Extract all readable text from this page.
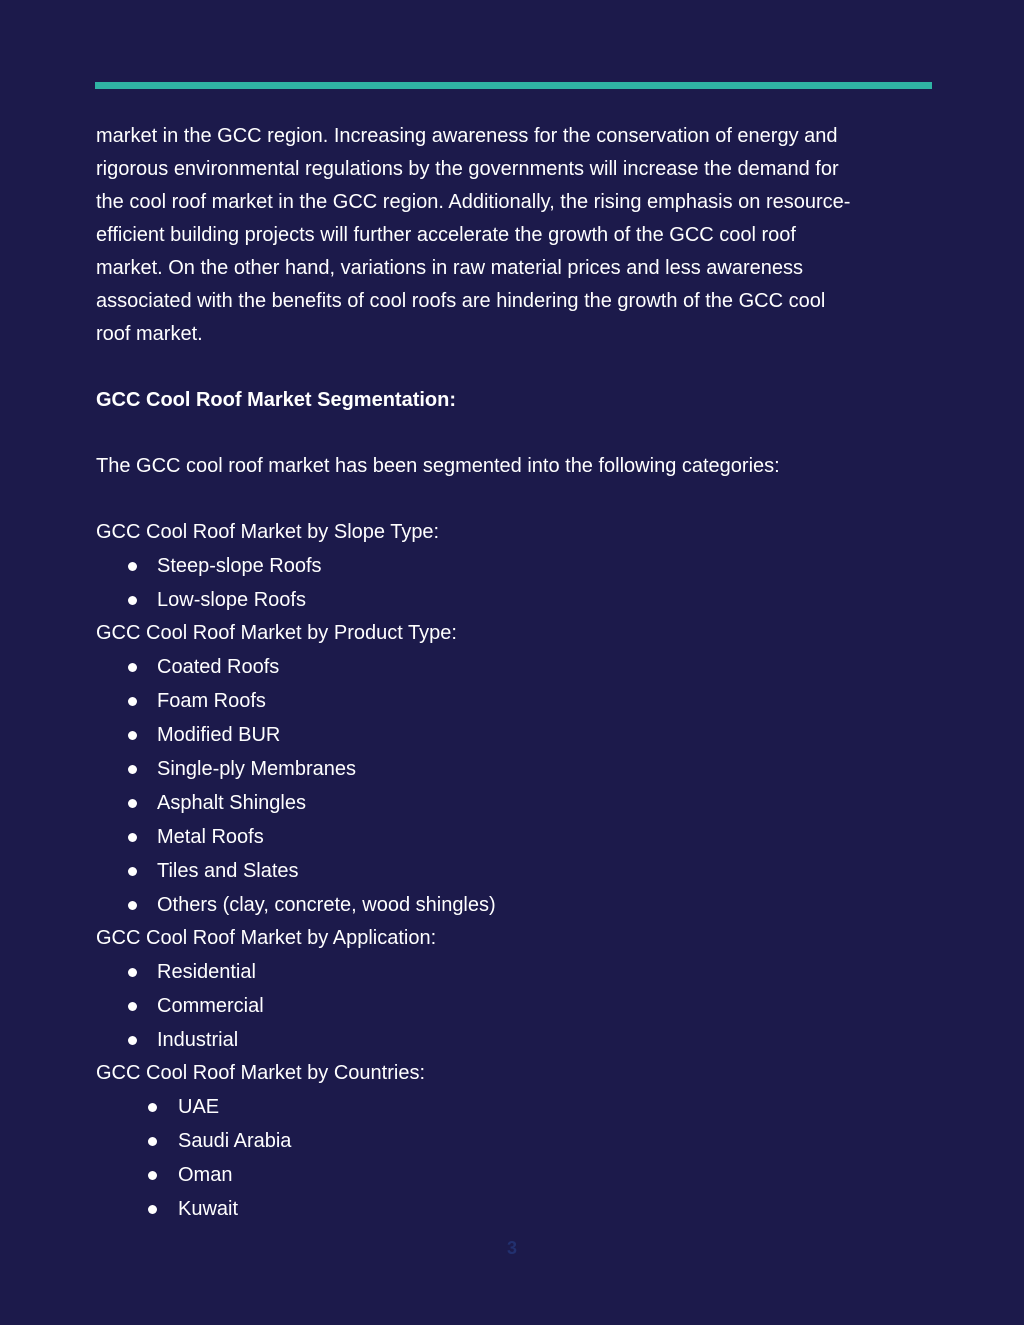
market in the GCC region. Increasing awareness for the conservation of energy and
rigorous environmental regulations by the governments will increase the demand for
the cool roof market in the GCC region. Additionally, the rising emphasis on resource-
efficient building projects will further accelerate the growth of the GCC cool roof
market. On the other hand, variations in raw material prices and less awareness
associated with the benefits of cool roofs are hindering the growth of the GCC cool
roof market.

GCC Cool Roof Market Segmentation:

The GCC cool roof market has been segmented into the following categories:

GCC Cool Roof Market by Slope Type:

Steep-slope Roofs
Low-slope Roofs

GCC Cool Roof Market by Product Type:

Coated Roofs
Foam Roofs
Modified BUR
Single-ply Membranes
Asphalt Shingles
Metal Roofs
Tiles and Slates
Others (clay, concrete, wood shingles)

GCC Cool Roof Market by Application:

Residential
Commercial
Industrial

GCC Cool Roof Market by Countries:

UAE
Saudi Arabia
Oman
Kuwait
3
